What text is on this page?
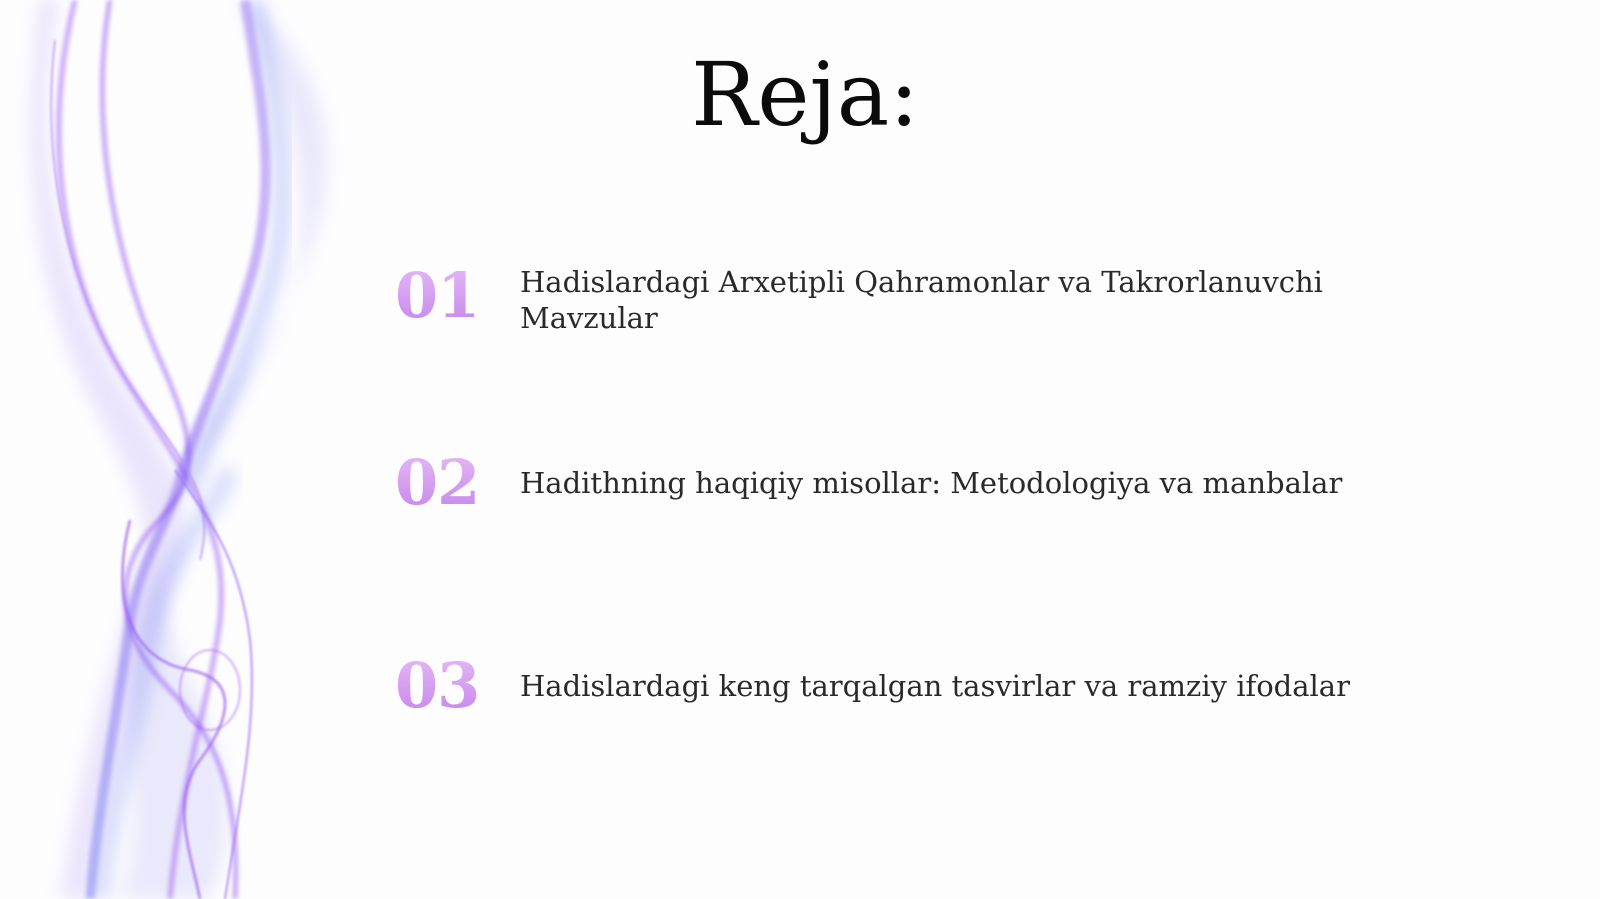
Reja:
01	Hadislardagi Arxetipli Qahramonlar va Takrorlanuvchi Mavzular
02	Hadithning haqiqiy misollar: Metodologiya va manbalar
03	Hadislardagi keng tarqalgan tasvirlar va ramziy ifodalar
